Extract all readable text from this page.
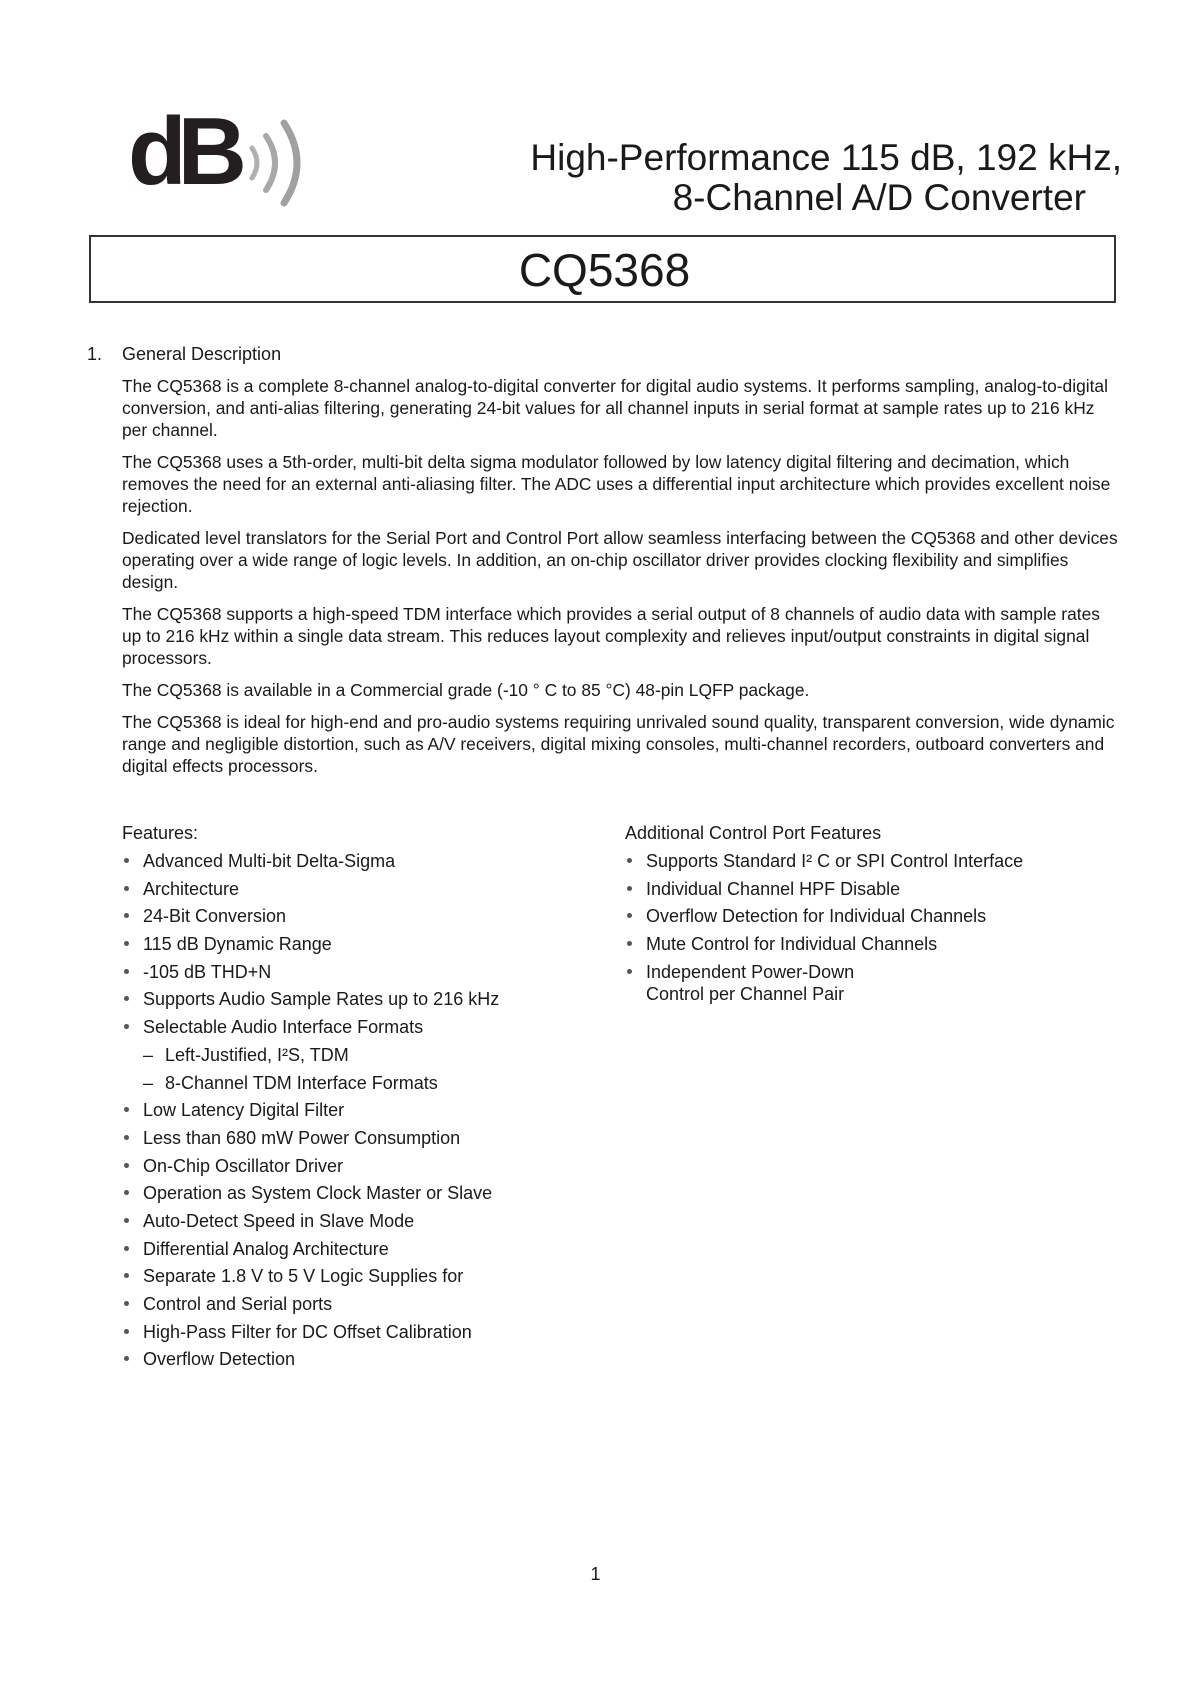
dB	High-Performance 115 dB, 192 kHz,
8-Channel A/D Converter
CQ5368
1. General Description

The CQ5368 is a complete 8-channel analog-to-digital converter for digital audio systems. It performs sampling, analog-to-digital conversion, and anti-alias filtering, generating 24-bit values for all channel inputs in serial format at sample rates up to 216 kHz per channel.

The CQ5368 uses a 5th-order, multi-bit delta sigma modulator followed by low latency digital filtering and decimation, which removes the need for an external anti-aliasing filter. The ADC uses a differential input architecture which provides excellent noise rejection.

Dedicated level translators for the Serial Port and Control Port allow seamless interfacing between the CQ5368 and other devices operating over a wide range of logic levels. In addition, an on-chip oscillator driver provides clocking flexibility and simplifies design.

The CQ5368 supports a high-speed TDM interface which provides a serial output of 8 channels of audio data with sample rates up to 216 kHz within a single data stream. This reduces layout complexity and relieves input/output constraints in digital signal processors.

The CQ5368 is available in a Commercial grade (-10 ° C to 85 °C) 48-pin LQFP package.

The CQ5368 is ideal for high-end and pro-audio systems requiring unrivaled sound quality, transparent conversion, wide dynamic range and negligible distortion, such as A/V receivers, digital mixing consoles, multi-channel recorders, outboard converters and digital effects processors.

Features:
Advanced Multi-bit Delta-Sigma
Architecture
24-Bit Conversion
115 dB Dynamic Range
-105 dB THD+N
Supports Audio Sample Rates up to 216 kHz
Selectable Audio Interface Formats
– Left-Justified, I²S, TDM
– 8-Channel TDM Interface Formats
Low Latency Digital Filter
Less than 680 mW Power Consumption
On-Chip Oscillator Driver
Operation as System Clock Master or Slave
Auto-Detect Speed in Slave Mode
Differential Analog Architecture
Separate 1.8 V to 5 V Logic Supplies for
Control and Serial ports
High-Pass Filter for DC Offset Calibration
Overflow Detection
Additional Control Port Features
Supports Standard I² C or SPI Control Interface
Individual Channel HPF Disable
Overflow Detection for Individual Channels
Mute Control for Individual Channels
Independent Power-Down
Control per Channel Pair
1
